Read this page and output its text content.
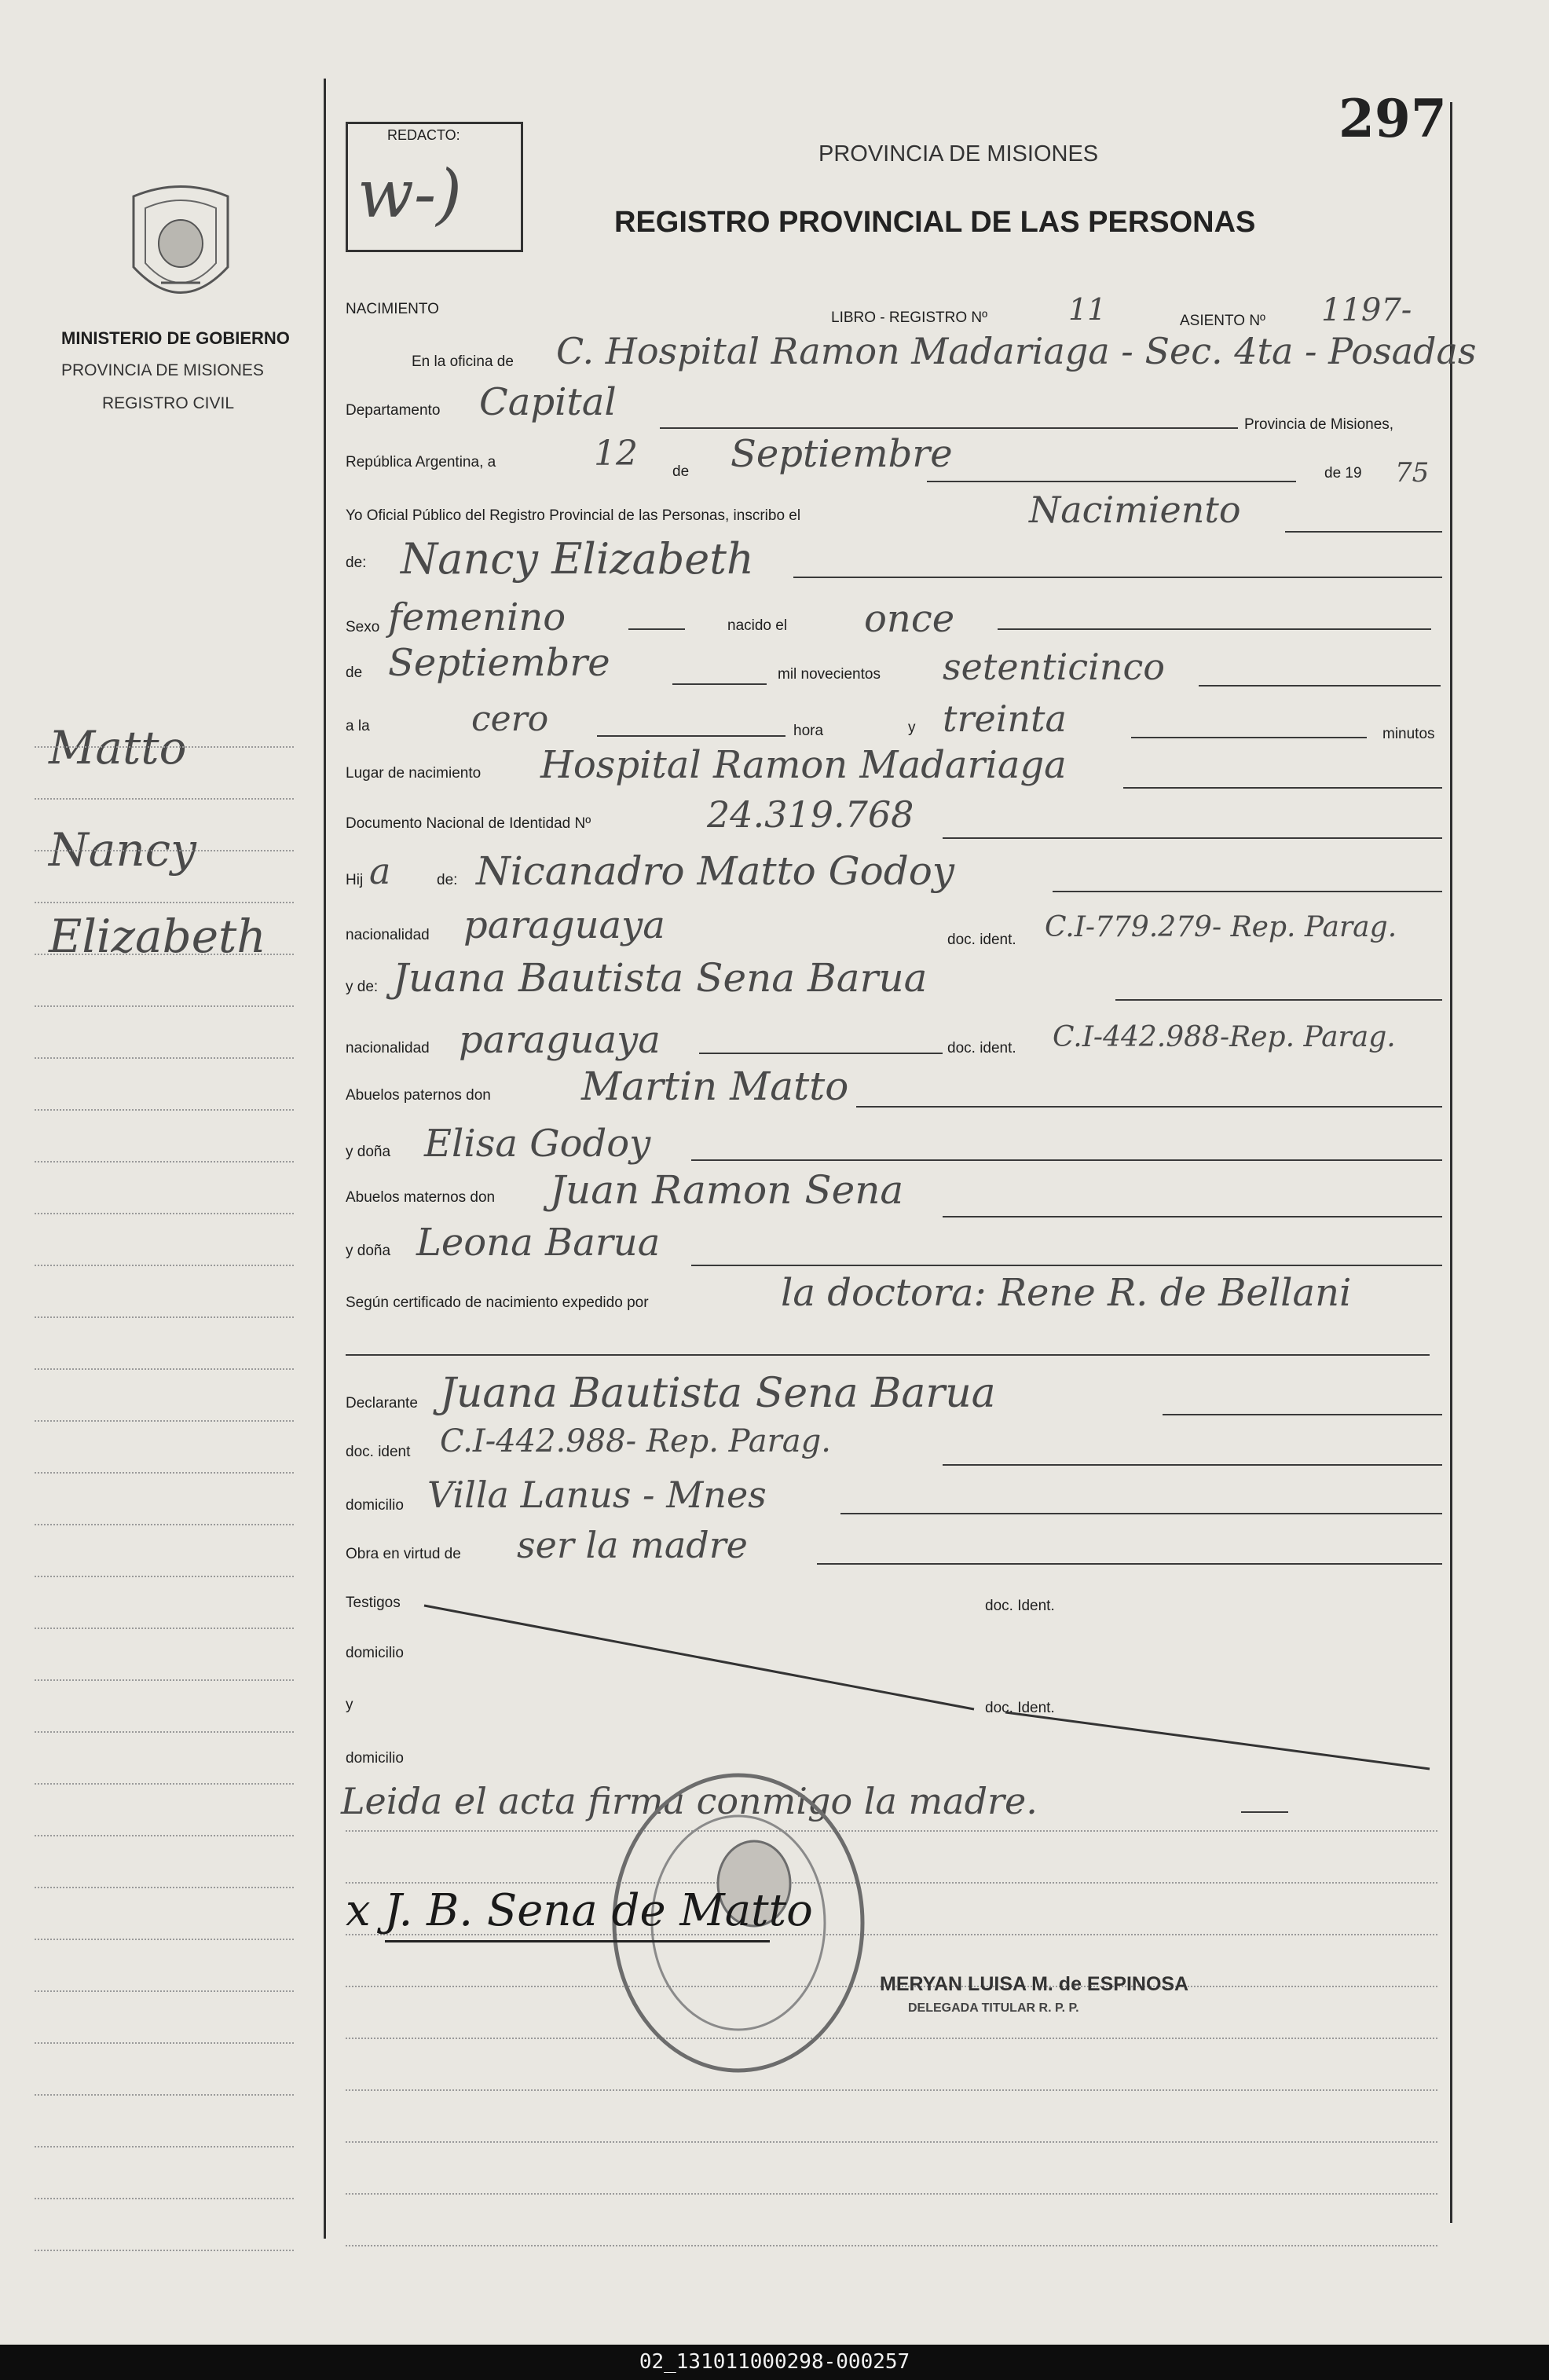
MINISTERIO DE GOBIERNO
PROVINCIA DE MISIONES
REGISTRO CIVIL
Matto
Nancy
Elizabeth
REDACTO:
w-)
297
PROVINCIA DE MISIONES
REGISTRO PROVINCIAL DE LAS PERSONAS
NACIMIENTO
LIBRO - REGISTRO Nº	11	ASIENTO Nº 1197-
En la oficina de C. Hospital Ramon Madariaga - Sec. 4ta - Posadas
Departamento Capital
Provincia de Misiones,
República Argentina, a	12 de Septiembre	de 19 75
Yo Oficial Público del Registro Provincial de las Personas, inscribo el	Nacimiento
de: Nancy Elizabeth
Sexo femenino	nacido el once
de Septiembre	mil novecientos setenticinco
a la	cero	hora	y treinta	minutos
Lugar de nacimiento Hospital Ramon Madariaga
Documento Nacional de Identidad Nº	24.319.768
Hij a	de: Nicanadro Matto Godoy
nacionalidad paraguaya	doc. ident. C.I-779.279- Rep. Parag.
y de: Juana Bautista Sena Barua
nacionalidad paraguaya	doc. ident. C.I-442.988-Rep. Parag.
Abuelos paternos don Martin Matto
y doña Elisa Godoy
Abuelos maternos don Juan Ramon Sena
y doña Leona Barua
Según certificado de nacimiento expedido por	la doctora: Rene R. de Bellani
Declarante Juana Bautista Sena Barua
doc. ident C.I-442.988- Rep. Parag.
domicilio Villa Lanus - Mnes
Obra en virtud de ser la madre
Testigos	doc. Ident.
domicilio
y	doc. Ident.
domicilio
Leida el acta firma conmigo la madre.
x J. B. Sena de Matto
MERYAN LUISA M. de ESPINOSA
DELEGADA TITULAR R. P. P.
02_131011000298-000257
